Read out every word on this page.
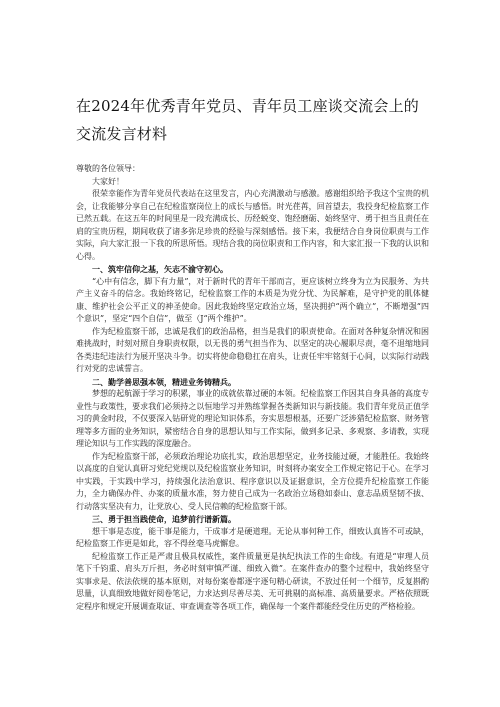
在2024年优秀青年党员、青年员工座谈交流会上的
交流发言材料

尊敬的各位领导：

大家好！

很荣幸能作为青年党员代表站在这里发言，内心充满激动与感激。感谢组织给予我这个宝贵的机会，让我能够分享自己在纪检监察岗位上的成长与感悟。时光荏苒，回首望去，我投身纪检监察工作已然五载。在这五年的时间里是一段充满成长、历经蜕变、饱经磨砺、始终坚守、勇于担当且责任在肩的宝贵历程，期间收获了诸多弥足珍贵的经验与深刻感悟。接下来，我便结合自身岗位职责与工作实际，向大家汇报一下我的所思所悟。现结合我的岗位职责和工作内容，和大家汇报一下我的认识和心得。

一、筑牢信仰之基，矢志不渝守初心。

“心中有信念，脚下有力量”，对于新时代的青年干部而言，更应该树立终身为立为民服务、为共产主义奋斗的信念。我始终铭记，纪检监察工作的本质是为党分忧、为民解难，是守护党的肌体健康、维护社会公平正义的神圣使命。因此我始终坚定政治立场，坚决拥护“两个确立”，不断增强“四个意识”，坚定“四个自信”，做至（J“两个维护”。

作为纪检监察干部，忠诚是我们的政治品格，担当是我们的职责使命。在面对各种复杂情况和困难挑战时，时刻对照自身职责权限，以无畏的勇气担当作为、以坚定的决心履职尽责，毫不退缩地同各类违纪违法行为展开坚决斗争。切实将使命稳稳扛在肩头，让责任牢牢铭刻于心间，以实际行动践行对党的忠诚誓言。

二、勤学善思强本领，精进业务铸精兵。

梦想的起航源于学习的积累，事业的成就依靠过硬的本领。纪检监察工作因其自身具备的高度专业性与政策性，要求我们必须持之以恒地学习并熟练掌握各类新知识与新技能。我们青年党员正值学习的黄金时段，不仅要深入钻研党的理论知识体系，夯实思想根基，还要广泛涉猎纪检监察、财务管理等多方面的业务知识，紧密结合自身的思想认知与工作实际，做到多记录、多观察、多请教，实现理论知识与工作实践的深度融合。

作为纪检监察干部，必须政治理论功底扎实，政治思想坚定，业务技能过硬，才能胜任。我始终以高度的自觉认真研习党纪党规以及纪检监察业务知识，时刻将办案安全工作规定铭记于心。在学习中实践，于实践中学习，持续强化法治意识、程序意识以及证据意识，全方位提升纪检监察工作能力，全力确保办件、办案的质量水准，努力使自己成为一名政治立场稳如泰山、意志品质坚韧不拔、行动落实坚决有力，让党放心、受人民信赖的纪检监察干部。

三、勇于担当践使命，追梦前行谱新篇。

想干事是态度，能干事是能力，干成事才是硬道理。无论从事何种工作，细致认真皆不可或缺，纪检监察工作更是如此，容不得丝毫马虎懈怠。

纪检监察工作正是严肃且极具权威性，案件质量更是执纪执法工作的生命线。有道是“审理人员笔下千钧重、肩头万斤担，务必时刻审慎严谨、细致入微”。在案件查办的整个过程中，我始终坚守实事求是、依法依规的基本原则，对每份案卷都逐字逐句精心研读，不放过任何一个细节，反复斟酌思量，认真细致地做好阅卷笔记，力求达到尽善尽美、无可挑剔的高标准、高质量要求。严格依照既定程序和规定开展调查取证、审查调查等各项工作，确保每一个案件都能经受住历史的严格检验。
